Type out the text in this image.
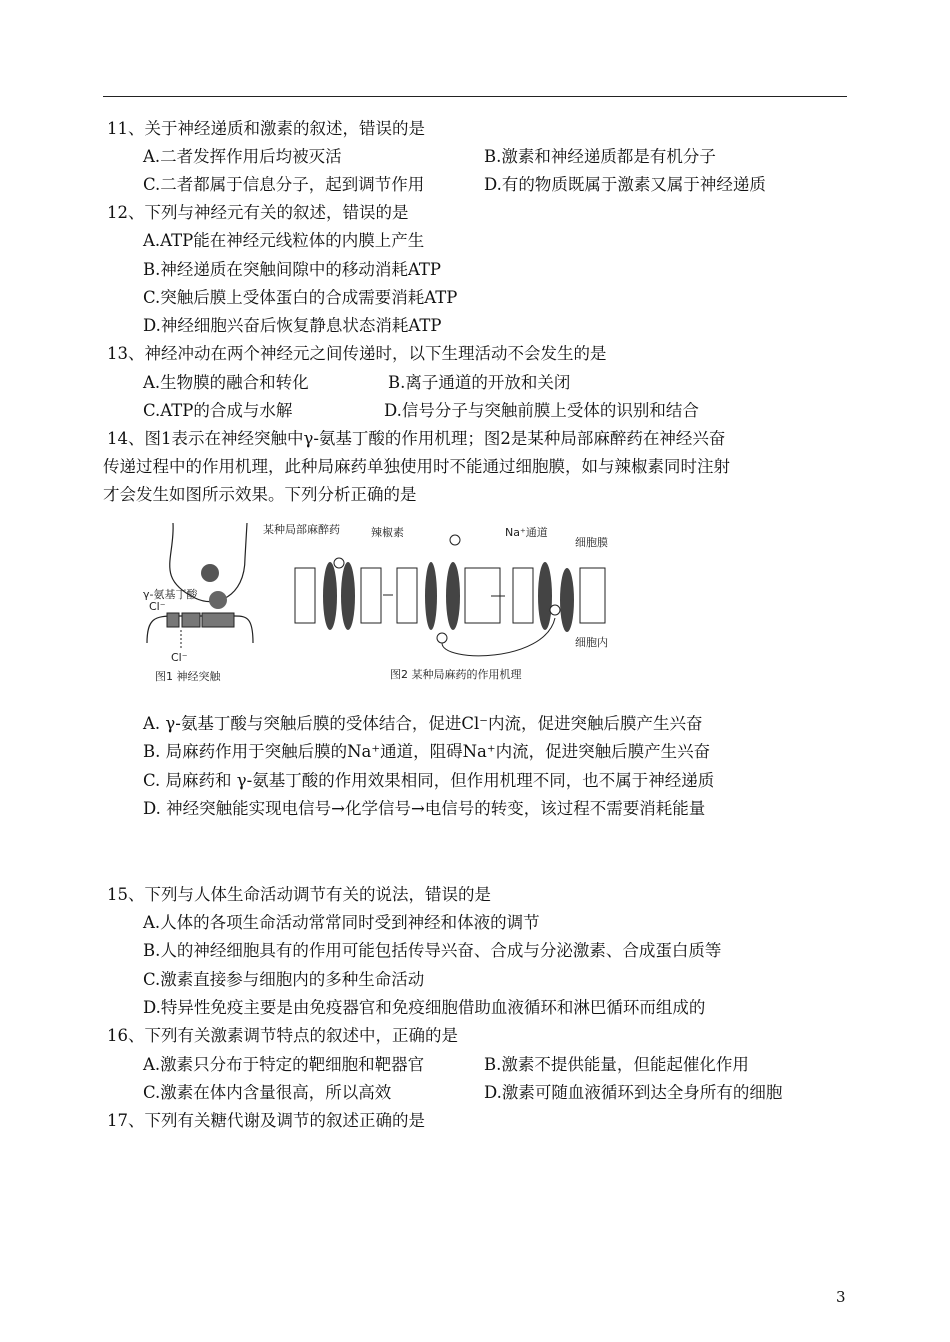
11、关于神经递质和激素的叙述，错误的是
A.二者发挥作用后均被灭活	B.激素和神经递质都是有机分子
C.二者都属于信息分子，起到调节作用	D.有的物质既属于激素又属于神经递质
12、下列与神经元有关的叙述，错误的是
A.ATP能在神经元线粒体的内膜上产生
B.神经递质在突触间隙中的移动消耗ATP
C.突触后膜上受体蛋白的合成需要消耗ATP
D.神经细胞兴奋后恢复静息状态消耗ATP
13、神经冲动在两个神经元之间传递时，以下生理活动不会发生的是
A.生物膜的融合和转化	B.离子通道的开放和关闭
C.ATP的合成与水解	D.信号分子与突触前膜上受体的识别和结合
14、图1表示在神经突触中γ-氨基丁酸的作用机理；图2是某种局部麻醉药在神经兴奋
传递过程中的作用机理，此种局麻药单独使用时不能通过细胞膜，如与辣椒素同时注射
才会发生如图所示效果。下列分析正确的是
γ-氨基丁酸
Cl⁻
Cl⁻
图1 神经突触
某种局部麻醉药	辣椒素	Na⁺通道
细胞膜
细胞内
图2 某种局麻药的作用机理
A. γ-氨基丁酸与突触后膜的受体结合，促进Cl⁻内流，促进突触后膜产生兴奋
B. 局麻药作用于突触后膜的Na⁺通道，阻碍Na⁺内流，促进突触后膜产生兴奋
C. 局麻药和 γ-氨基丁酸的作用效果相同，但作用机理不同，也不属于神经递质
D. 神经突触能实现电信号→化学信号→电信号的转变，该过程不需要消耗能量
15、下列与人体生命活动调节有关的说法，错误的是
A.人体的各项生命活动常常同时受到神经和体液的调节
B.人的神经细胞具有的作用可能包括传导兴奋、合成与分泌激素、合成蛋白质等
C.激素直接参与细胞内的多种生命活动
D.特异性免疫主要是由免疫器官和免疫细胞借助血液循环和淋巴循环而组成的
16、下列有关激素调节特点的叙述中，正确的是
A.激素只分布于特定的靶细胞和靶器官	B.激素不提供能量，但能起催化作用
C.激素在体内含量很高，所以高效	D.激素可随血液循环到达全身所有的细胞
17、下列有关糖代谢及调节的叙述正确的是
3
